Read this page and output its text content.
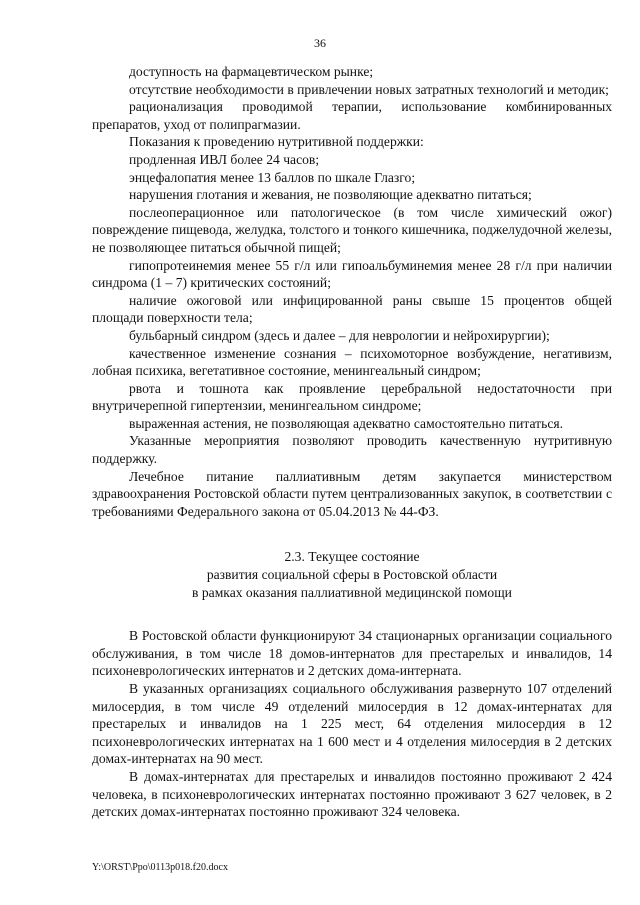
36

доступность на фармацевтическом рынке;

отсутствие необходимости в привлечении новых затратных технологий и методик;

рационализация проводимой терапии, использование комбинированных препаратов, уход от полипрагмазии.

Показания к проведению нутритивной поддержки:

продленная ИВЛ более 24 часов;

энцефалопатия менее 13 баллов по шкале Глазго;

нарушения глотания и жевания, не позволяющие адекватно питаться;

послеоперационное или патологическое (в том числе химический ожог) повреждение пищевода, желудка, толстого и тонкого кишечника, поджелудочной железы, не позволяющее питаться обычной пищей;

гипопротеинемия менее 55 г/л или гипоальбуминемия менее 28 г/л при наличии синдрома (1 – 7) критических состояний;

наличие ожоговой или инфицированной раны свыше 15 процентов общей площади поверхности тела;

бульбарный синдром (здесь и далее – для неврологии и нейрохирургии);

качественное изменение сознания – психомоторное возбуждение, негативизм, лобная психика, вегетативное состояние, менингеальный синдром;

рвота и тошнота как проявление церебральной недостаточности при внутричерепной гипертензии, менингеальном синдроме;

выраженная астения, не позволяющая адекватно самостоятельно питаться.

Указанные мероприятия позволяют проводить качественную нутритивную поддержку.

Лечебное питание паллиативным детям закупается министерством здравоохранения Ростовской области путем централизованных закупок, в соответствии с требованиями Федерального закона от 05.04.2013 № 44-ФЗ.

2.3. Текущее состояние

развития социальной сферы в Ростовской области

в рамках оказания паллиативной медицинской помощи

В Ростовской области функционируют 34 стационарных организации социального обслуживания, в том числе 18 домов-интернатов для престарелых и инвалидов, 14 психоневрологических интернатов и 2 детских дома-интерната.

В указанных организациях социального обслуживания развернуто 107 отделений милосердия, в том числе 49 отделений милосердия в 12 домах-интернатах для престарелых и инвалидов на 1 225 мест, 64 отделения милосердия в 12 психоневрологических интернатах на 1 600 мест и 4 отделения милосердия в 2 детских домах-интернатах на 90 мест.

В домах-интернатах для престарелых и инвалидов постоянно проживают 2 424 человека, в психоневрологических интернатах постоянно проживают 3 627 человек, в 2 детских домах-интернатах постоянно проживают 324 человека.

Y:\ORST\Ppo\0113p018.f20.docx
